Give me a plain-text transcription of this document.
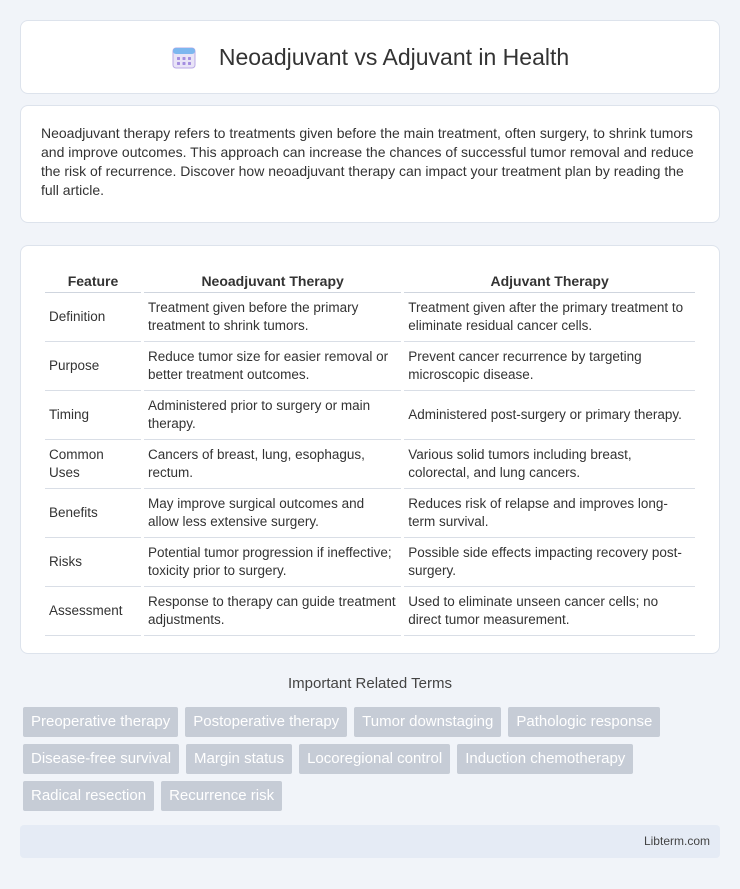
Neoadjuvant vs Adjuvant in Health

Neoadjuvant therapy refers to treatments given before the main treatment, often surgery, to shrink tumors and improve outcomes. This approach can increase the chances of successful tumor removal and reduce the risk of recurrence. Discover how neoadjuvant therapy can impact your treatment plan by reading the full article.

Feature	Neoadjuvant Therapy	Adjuvant Therapy
Definition	Treatment given before the primary treatment to shrink tumors.	Treatment given after the primary treatment to eliminate residual cancer cells.
Purpose	Reduce tumor size for easier removal or better treatment outcomes.	Prevent cancer recurrence by targeting microscopic disease.
Timing	Administered prior to surgery or main therapy.	Administered post-surgery or primary therapy.
Common Uses	Cancers of breast, lung, esophagus, rectum.	Various solid tumors including breast, colorectal, and lung cancers.
Benefits	May improve surgical outcomes and allow less extensive surgery.	Reduces risk of relapse and improves long-term survival.
Risks	Potential tumor progression if ineffective; toxicity prior to surgery.	Possible side effects impacting recovery post-surgery.
Assessment	Response to therapy can guide treatment adjustments.	Used to eliminate unseen cancer cells; no direct tumor measurement.
Important Related Terms
Preoperative therapy	Postoperative therapy	Tumor downstaging	Pathologic response
Disease-free survival	Margin status	Locoregional control	Induction chemotherapy
Radical resection	Recurrence risk
Libterm.com
